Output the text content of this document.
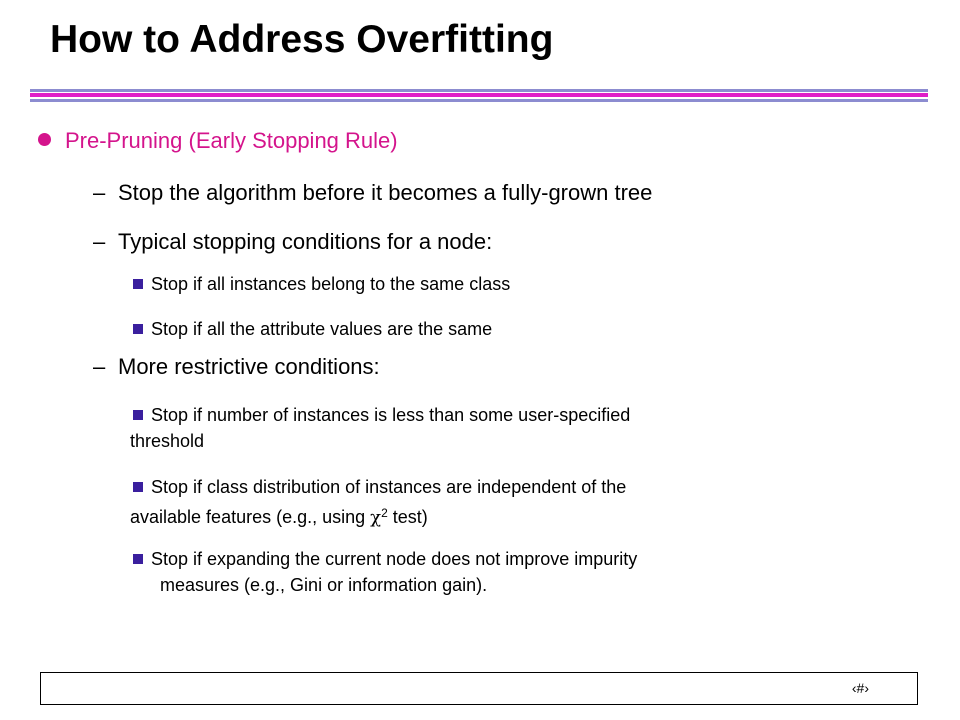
How to Address Overfitting
Pre-Pruning (Early Stopping Rule)
– Stop the algorithm before it becomes a fully-grown tree
– Typical stopping conditions for a node:
Stop if all instances belong to the same class
Stop if all the attribute values are the same
– More restrictive conditions:
Stop if number of instances is less than some user-specified
threshold
Stop if class distribution of instances are independent of the
available features (e.g., using $\chi^2$ test)
Stop if expanding the current node does not improve impurity
measures (e.g., Gini or information gain).
‹#›
